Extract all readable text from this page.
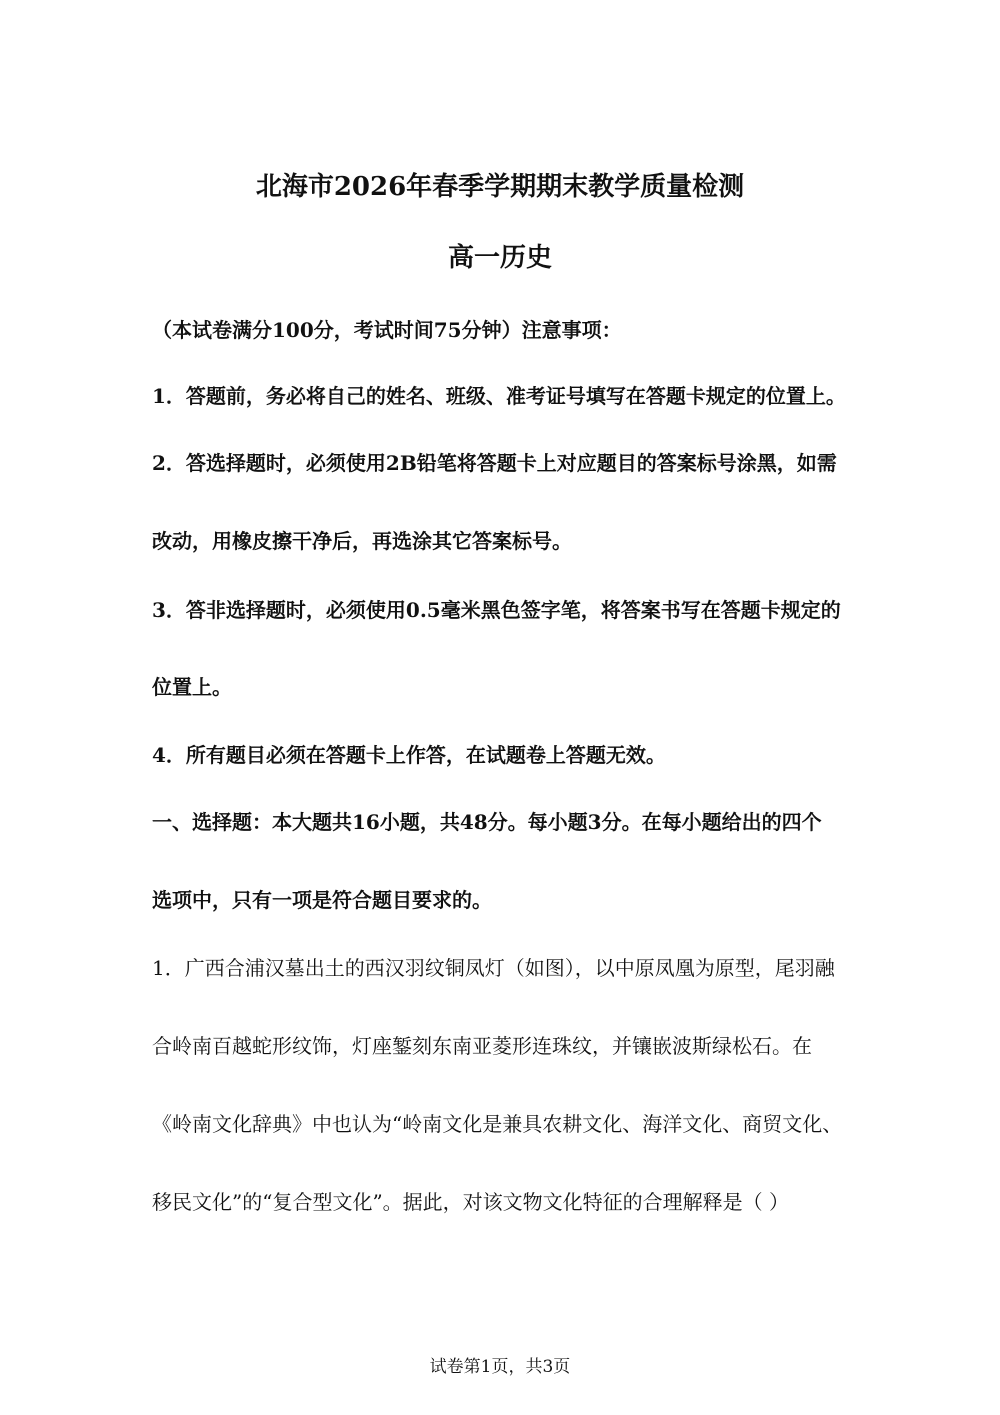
北海市2026年春季学期期末教学质量检测
高一历史
（本试卷满分100分，考试时间75分钟）注意事项：
1．答题前，务必将自己的姓名、班级、准考证号填写在答题卡规定的位置上。
2．答选择题时，必须使用2B铅笔将答题卡上对应题目的答案标号涂黑，如需
改动，用橡皮擦干净后，再选涂其它答案标号。
3．答非选择题时，必须使用0.5毫米黑色签字笔，将答案书写在答题卡规定的
位置上。
4．所有题目必须在答题卡上作答，在试题卷上答题无效。
一、选择题：本大题共16小题，共48分。每小题3分。在每小题给出的四个
选项中，只有一项是符合题目要求的。
1．广西合浦汉墓出土的西汉羽纹铜凤灯（如图），以中原凤凰为原型，尾羽融
合岭南百越蛇形纹饰，灯座錾刻东南亚菱形连珠纹，并镶嵌波斯绿松石。在
《岭南文化辞典》中也认为“岭南文化是兼具农耕文化、海洋文化、商贸文化、
移民文化”的“复合型文化”。据此，对该文物文化特征的合理解释是（ ）
试卷第1页，共3页
